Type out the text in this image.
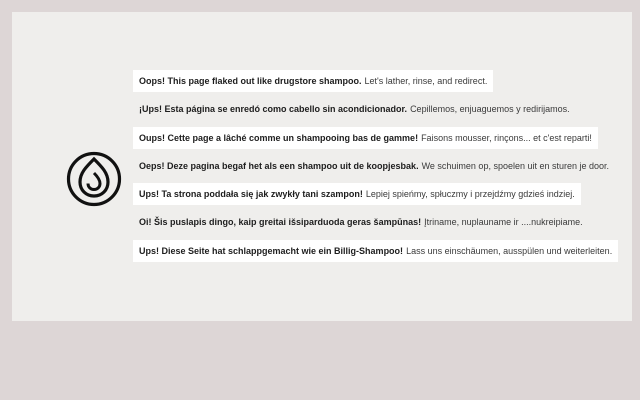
Oops! This page flaked out like drugstore shampoo. Let's lather, rinse, and redirect.
¡Ups! Esta página se enredó como cabello sin acondicionador. Cepillemos, enjuaguemos y redirijamos.
Oups! Cette page a lâché comme un shampooing bas de gamme! Faisons mousser, rinçons... et c'est reparti!
Oeps! Deze pagina begaf het als een shampoo uit de koopjesbak. We schuimen op, spoelen uit en sturen je door.
Ups! Ta strona poddała się jak zwykły tani szampon! Lepiej spieńmy, spłuczmy i przejdźmy gdzieś indziej.
Oi! Šis puslapis dingo, kaip greitai išsiparduoda geras šampūnas! Įtriname, nuplauname ir ....nukreipiame.
Ups! Diese Seite hat schlappgemacht wie ein Billig-Shampoo! Lass uns einschäumen, ausspülen und weiterleiten.
